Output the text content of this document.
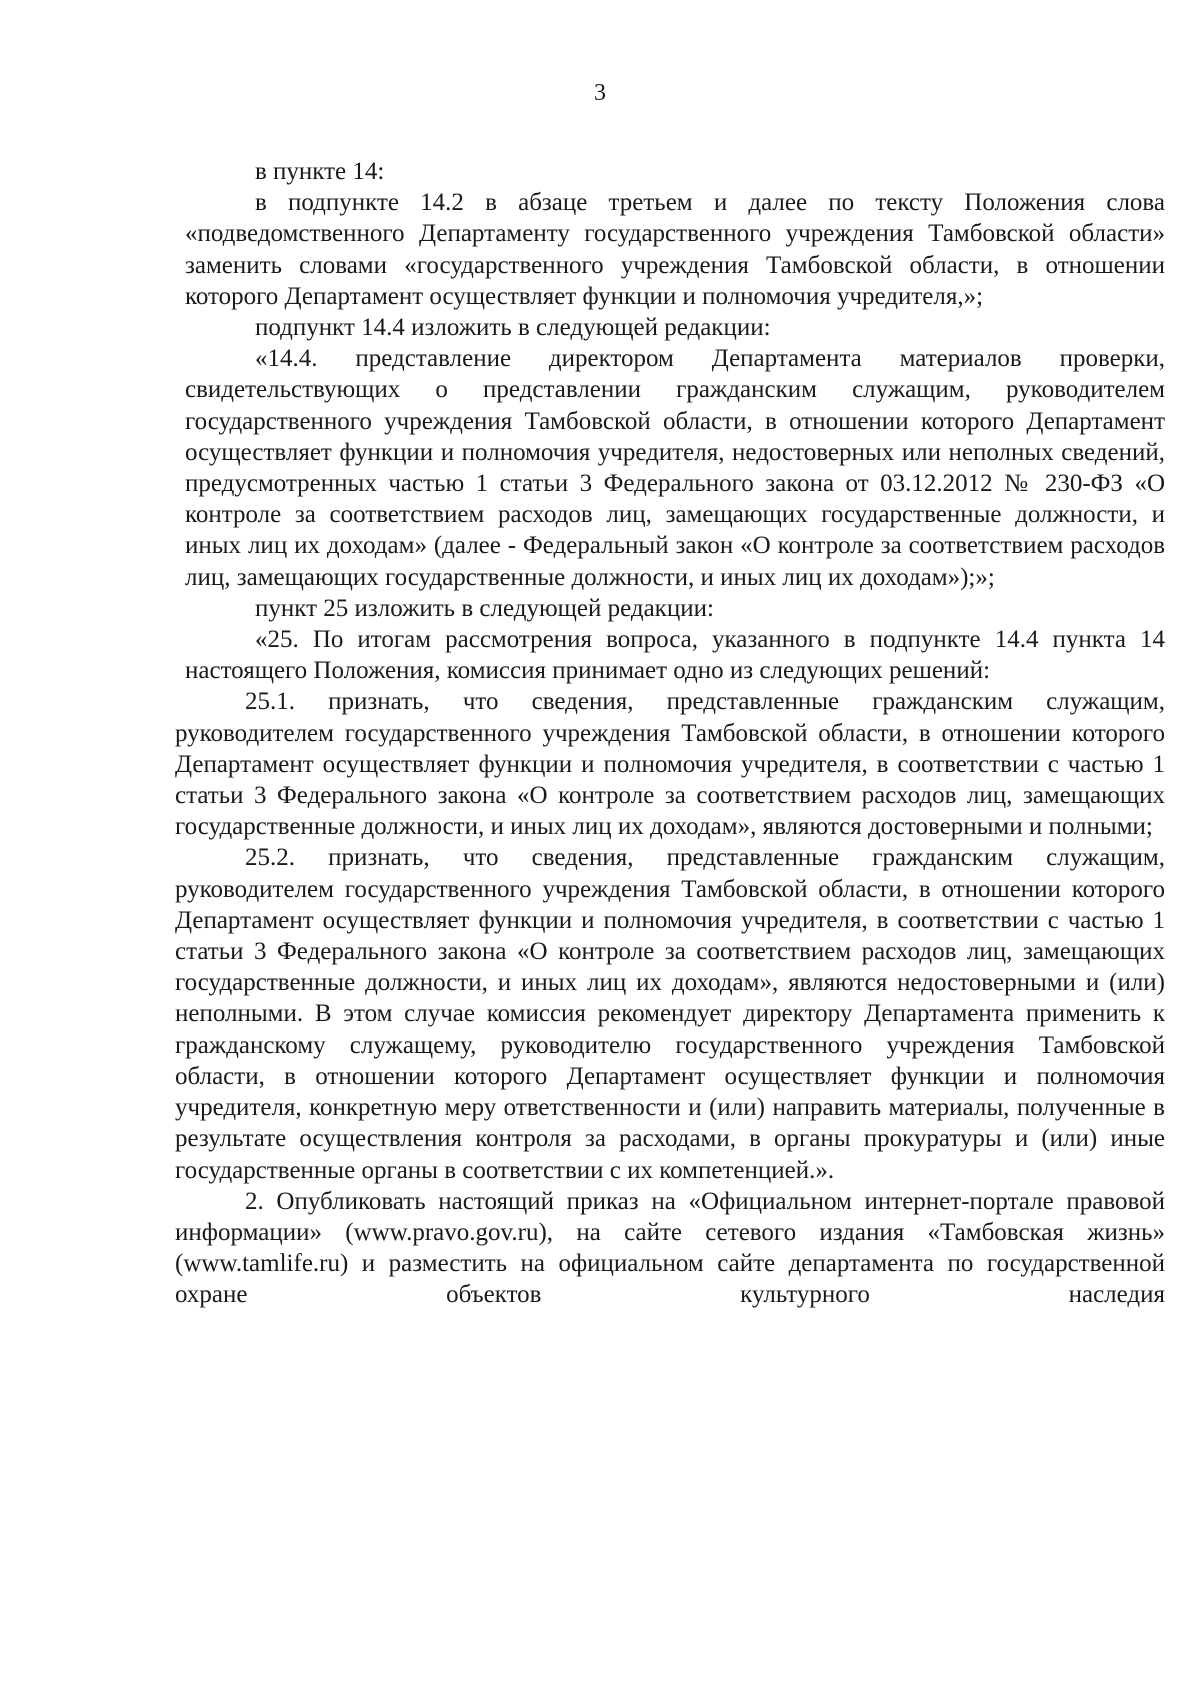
3

в пункте 14:

в подпункте 14.2 в абзаце третьем и далее по тексту Положения слова «подведомственного Департаменту государственного учреждения Тамбовской области» заменить словами «государственного учреждения Тамбовской области, в отношении которого Департамент осуществляет функции и полномочия учредителя,»;

подпункт 14.4 изложить в следующей редакции:

«14.4. представление директором Департамента материалов проверки, свидетельствующих о представлении гражданским служащим, руководителем государственного учреждения Тамбовской области, в отношении которого Департамент осуществляет функции и полномочия учредителя, недостоверных или неполных сведений, предусмотренных частью 1 статьи 3 Федерального закона от 03.12.2012 № 230-ФЗ «О контроле за соответствием расходов лиц, замещающих государственные должности, и иных лиц их доходам» (далее - Федеральный закон «О контроле за соответствием расходов лиц, замещающих государственные должности, и иных лиц их доходам»);»;

пункт 25 изложить в следующей редакции:

«25. По итогам рассмотрения вопроса, указанного в подпункте 14.4 пункта 14 настоящего Положения, комиссия принимает одно из следующих решений:

25.1. признать, что сведения, представленные гражданским служащим, руководителем государственного учреждения Тамбовской области, в отношении которого Департамент осуществляет функции и полномочия учредителя, в соответствии с частью 1 статьи 3 Федерального закона «О контроле за соответствием расходов лиц, замещающих государственные должности, и иных лиц их доходам», являются достоверными и полными;

25.2. признать, что сведения, представленные гражданским служащим, руководителем государственного учреждения Тамбовской области, в отношении которого Департамент осуществляет функции и полномочия учредителя, в соответствии с частью 1 статьи 3 Федерального закона «О контроле за соответствием расходов лиц, замещающих государственные должности, и иных лиц их доходам», являются недостоверными и (или) неполными. В этом случае комиссия рекомендует директору Департамента применить к гражданскому служащему, руководителю государственного учреждения Тамбовской области, в отношении которого Департамент осуществляет функции и полномочия учредителя, конкретную меру ответственности и (или) направить материалы, полученные в результате осуществления контроля за расходами, в органы прокуратуры и (или) иные государственные органы в соответствии с их компетенцией.».

2. Опубликовать настоящий приказ на «Официальном интернет-портале правовой информации» (www.pravo.gov.ru), на сайте сетевого издания «Тамбовская жизнь» (www.tamlife.ru) и разместить на официальном сайте департамента по государственной охране объектов культурного наследия
